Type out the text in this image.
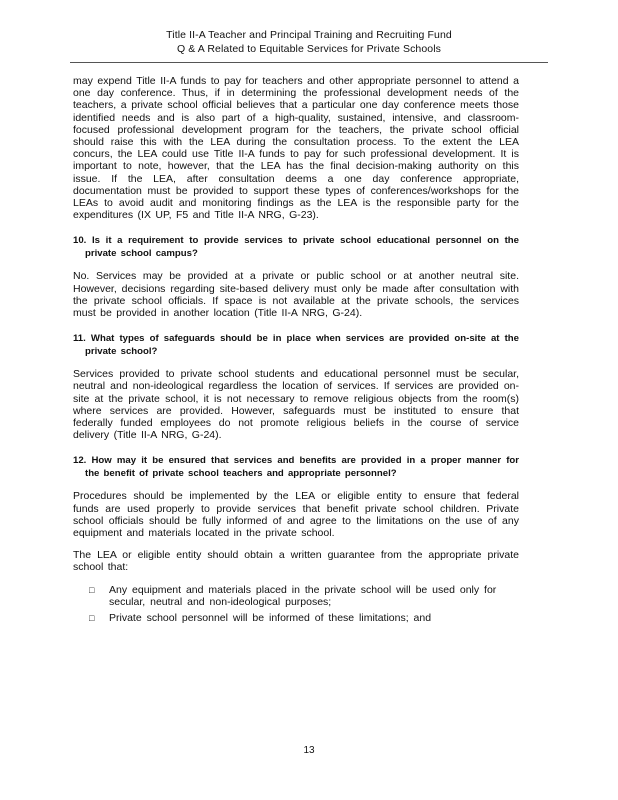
Title II-A Teacher and Principal Training and Recruiting Fund
Q & A Related to Equitable Services for Private Schools

may expend Title II-A funds to pay for teachers and other appropriate personnel to attend a one day conference. Thus, if in determining the professional development needs of the teachers, a private school official believes that a particular one day conference meets those identified needs and is also part of a high-quality, sustained, intensive, and classroom-focused professional development program for the teachers, the private school official should raise this with the LEA during the consultation process. To the extent the LEA concurs, the LEA could use Title II-A funds to pay for such professional development. It is important to note, however, that the LEA has the final decision-making authority on this issue. If the LEA, after consultation deems a one day conference appropriate, documentation must be provided to support these types of conferences/workshops for the LEAs to avoid audit and monitoring findings as the LEA is the responsible party for the expenditures (IX UP, F5 and Title II-A NRG, G-23).

10. Is it a requirement to provide services to private school educational personnel on the private school campus?

No. Services may be provided at a private or public school or at another neutral site. However, decisions regarding site-based delivery must only be made after consultation with the private school officials. If space is not available at the private schools, the services must be provided in another location (Title II-A NRG, G-24).

11. What types of safeguards should be in place when services are provided on-site at the private school?

Services provided to private school students and educational personnel must be secular, neutral and non-ideological regardless the location of services. If services are provided on-site at the private school, it is not necessary to remove religious objects from the room(s) where services are provided. However, safeguards must be instituted to ensure that federally funded employees do not promote religious beliefs in the course of service delivery (Title II-A NRG, G-24).

12. How may it be ensured that services and benefits are provided in a proper manner for the benefit of private school teachers and appropriate personnel?

Procedures should be implemented by the LEA or eligible entity to ensure that federal funds are used properly to provide services that benefit private school children. Private school officials should be fully informed of and agree to the limitations on the use of any equipment and materials located in the private school.

The LEA or eligible entity should obtain a written guarantee from the appropriate private school that:

□ Any equipment and materials placed in the private school will be used only for secular, neutral and non-ideological purposes;
□ Private school personnel will be informed of these limitations; and
13
